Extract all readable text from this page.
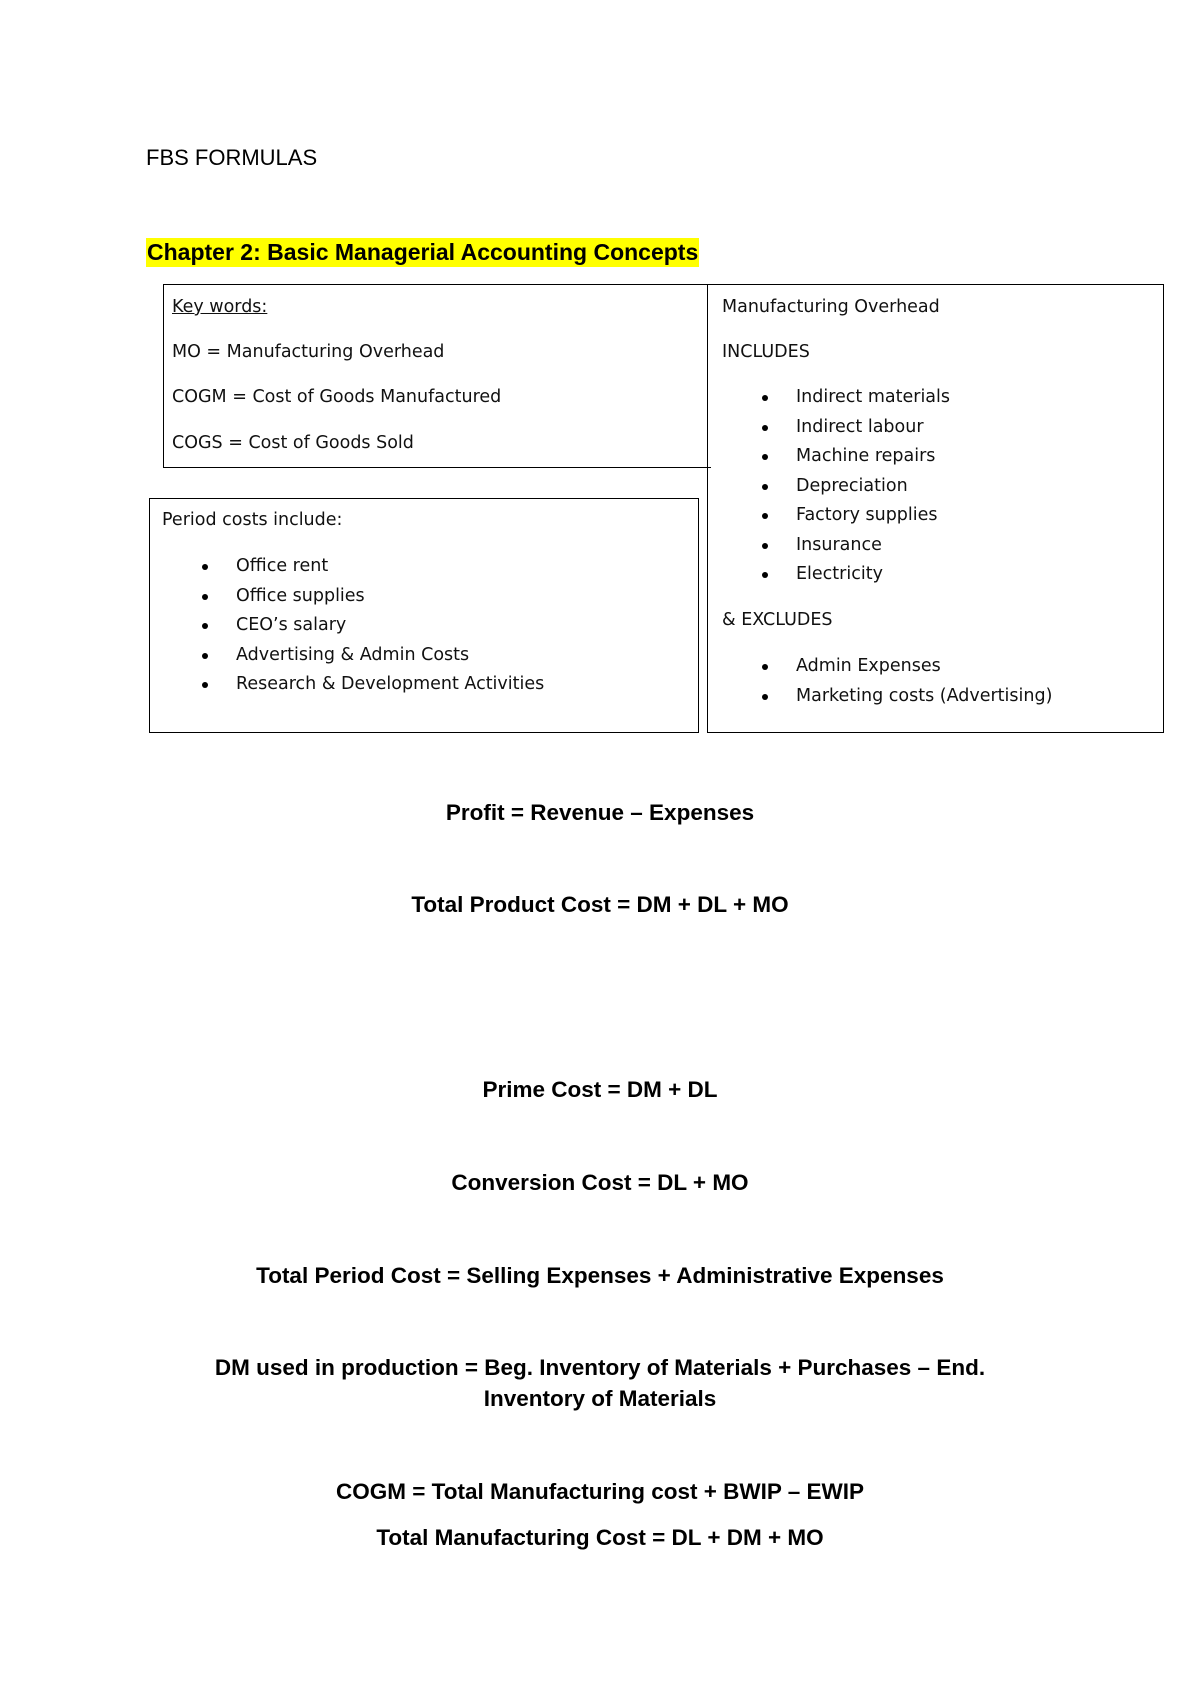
FBS FORMULAS
Chapter 2: Basic Managerial Accounting Concepts

Key words:

MO = Manufacturing Overhead

COGM = Cost of Goods Manufactured

COGS = Cost of Goods Sold

Manufacturing Overhead

INCLUDES

Indirect materials
Indirect labour
Machine repairs
Depreciation
Factory supplies
Insurance
Electricity

& EXCLUDES

Admin Expenses
Marketing costs (Advertising)

Period costs include:

Office rent
Office supplies
CEO’s salary
Advertising & Admin Costs
Research & Development Activities

Profit = Revenue – Expenses

Total Product Cost = DM + DL + MO

Prime Cost = DM + DL

Conversion Cost = DL + MO

Total Period Cost = Selling Expenses + Administrative Expenses

DM used in production = Beg. Inventory of Materials + Purchases – End.

Inventory of Materials

COGM = Total Manufacturing cost + BWIP – EWIP

Total Manufacturing Cost = DL + DM + MO
